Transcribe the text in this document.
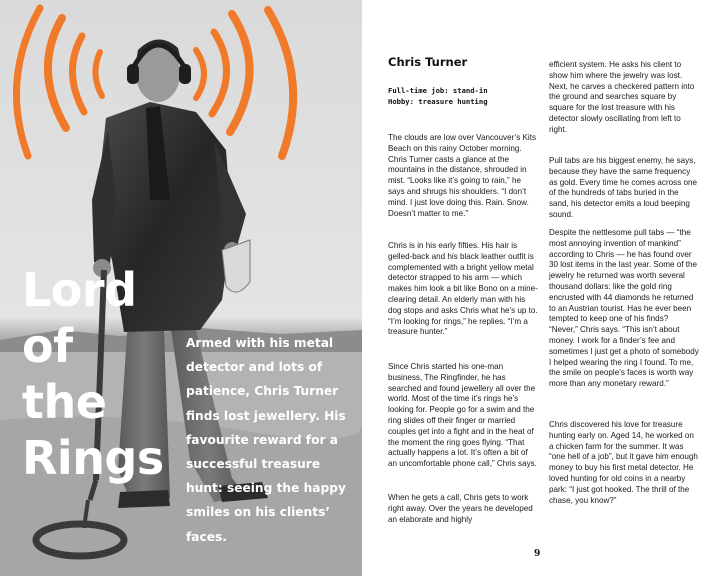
Lord of
the
Rings

Armed with his metal detector and lots of patience, Chris Turner finds lost jewellery. His favourite reward for a successful treasure hunt: seeing the happy smiles on his clients’ faces.

Chris Turner
Full-time job: stand-in
Hobby: treasure hunting

The clouds are low over Vancouver’s Kits Beach on this rainy October morning. Chris Turner casts a glance at the mountains in the distance, shrouded in mist. “Looks like it’s going to rain,” he says and shrugs his shoulders. “I don’t mind. I just love doing this. Rain. Snow. Doesn’t matter to me.”

Chris is in his early fifties. His hair is gelled-back and his black leather outfit is complemented with a bright yellow metal detector strapped to his arm — which makes him look a bit like Bono on a mine-clearing detail. An elderly man with his dog stops and asks Chris what he’s up to. “I’m looking for rings,” he replies. “I’m a treasure hunter.”

Since Chris started his one-man business, The Ringfinder, he has searched and found jewellery all over the world. Most of the time it’s rings he’s looking for. People go for a swim and the ring slides off their finger or married couples get into a fight and in the heat of the moment the ring goes flying. “That actually happens a lot. It’s often a bit of an uncomfortable phone call,” Chris says.

When he gets a call, Chris gets to work right away. Over the years he developed an elaborate and highly

efficient system. He asks his client to show him where the jewelry was lost. Next, he carves a checkered pattern into the ground and searches square by square for the lost treasure with his detector slowly oscillating from left to right.

Pull tabs are his biggest enemy, he says, because they have the same frequency as gold. Every time he comes across one of the hundreds of tabs buried in the sand, his detector emits a loud beeping sound.

Despite the nettlesome pull tabs — “the most annoying invention of mankind” according to Chris — he has found over 30 lost items in the last year. Some of the jewelry he returned was worth several thousand dollars: like the gold ring encrusted with 44 diamonds he returned to an Austrian tourist. Has he ever been tempted to keep one of his finds? “Never,” Chris says. “This isn’t about money. I work for a finder’s fee and sometimes I just get a photo of somebody I helped wearing the ring I found. To me, the smile on people’s faces is worth way more than any monetary reward.”

Chris discovered his love for treasure hunting early on. Aged 14, he worked on a chicken farm for the summer. It was “one hell of a job”, but it gave him enough money to buy his first metal detector. He loved hunting for old coins in a nearby park: “I just got hooked. The thrill of the chase, you know?”

9
